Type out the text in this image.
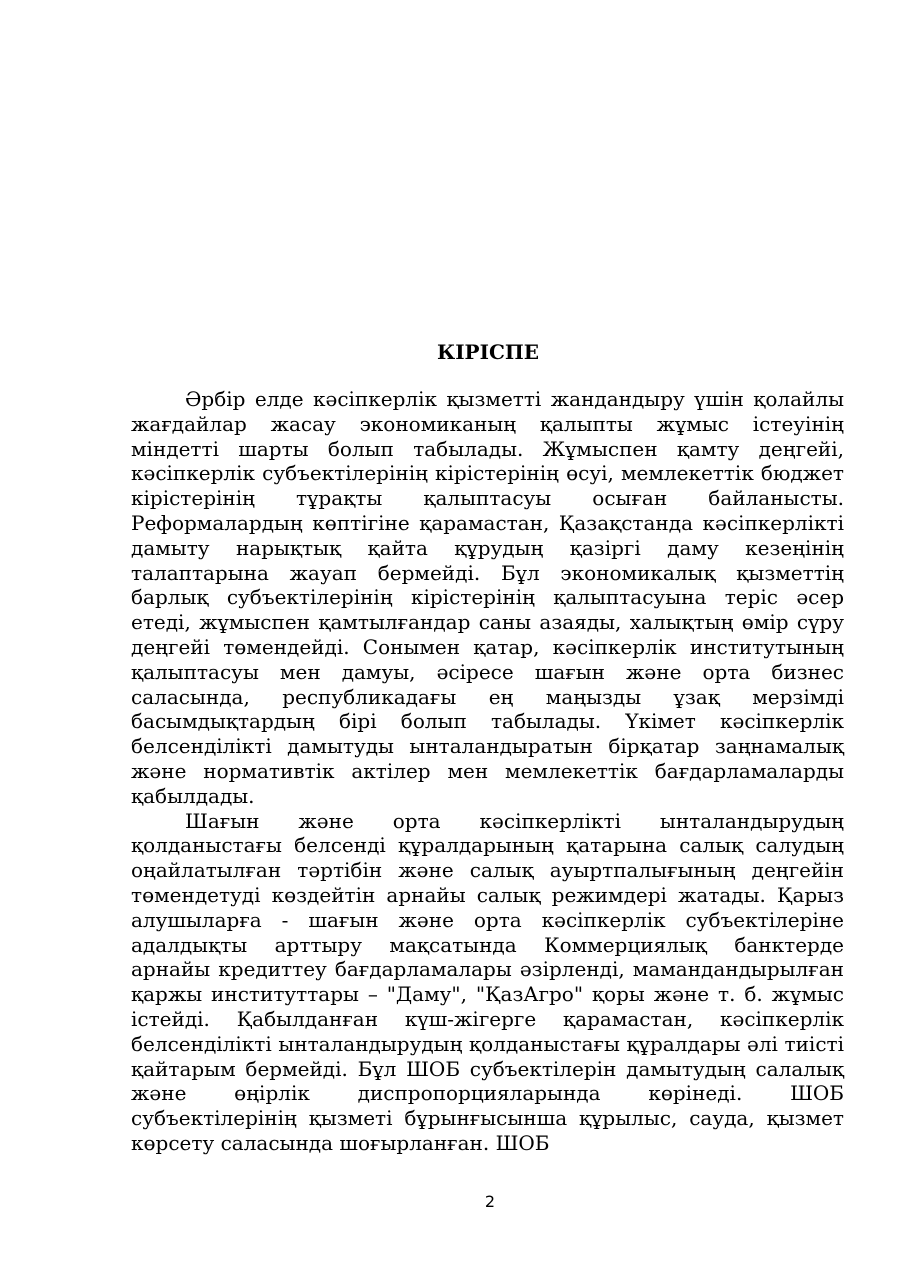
КІРІСПЕ

Әрбір елде кәсіпкерлік қызметті жандандыру үшін қолайлы жағдайлар жасау экономиканың қалыпты жұмыс істеуінің міндетті шарты болып табылады. Жұмыспен қамту деңгейі, кәсіпкерлік субъектілерінің кірістерінің өсуі, мемлекеттік бюджет кірістерінің тұрақты қалыптасуы осыған байланысты. Реформалардың көптігіне қарамастан, Қазақстанда кәсіпкерлікті дамыту нарықтық қайта құрудың қазіргі даму кезеңінің талаптарына жауап бермейді. Бұл экономикалық қызметтің барлық субъектілерінің кірістерінің қалыптасуына теріс әсер етеді, жұмыспен қамтылғандар саны азаяды, халықтың өмір сүру деңгейі төмендейді. Сонымен қатар, кәсіпкерлік институтының қалыптасуы мен дамуы, әсіресе шағын және орта бизнес саласында, республикадағы ең маңызды ұзақ мерзімді басымдықтардың бірі болып табылады. Үкімет кәсіпкерлік белсенділікті дамытуды ынталандыратын бірқатар заңнамалық және нормативтік актілер мен мемлекеттік бағдарламаларды қабылдады.

Шағын және орта кәсіпкерлікті ынталандырудың қолданыстағы белсенді құралдарының қатарына салық салудың оңайлатылған тәртібін және салық ауыртпалығының деңгейін төмендетуді көздейтін арнайы салық режимдері жатады. Қарыз алушыларға - шағын және орта кәсіпкерлік субъектілеріне адалдықты арттыру мақсатында Коммерциялық банктерде арнайы кредиттеу бағдарламалары әзірленді, мамандандырылған қаржы институттары – "Даму", "ҚазАгро" қоры және т. б. жұмыс істейді. Қабылданған күш-жігерге қарамастан, кәсіпкерлік белсенділікті ынталандырудың қолданыстағы құралдары әлі тиісті қайтарым бермейді. Бұл ШОБ субъектілерін дамытудың салалық және өңірлік диспропорцияларында көрінеді. ШОБ субъектілерінің қызметі бұрынғысынша құрылыс, сауда, қызмет көрсету саласында шоғырланған. ШОБ

2
